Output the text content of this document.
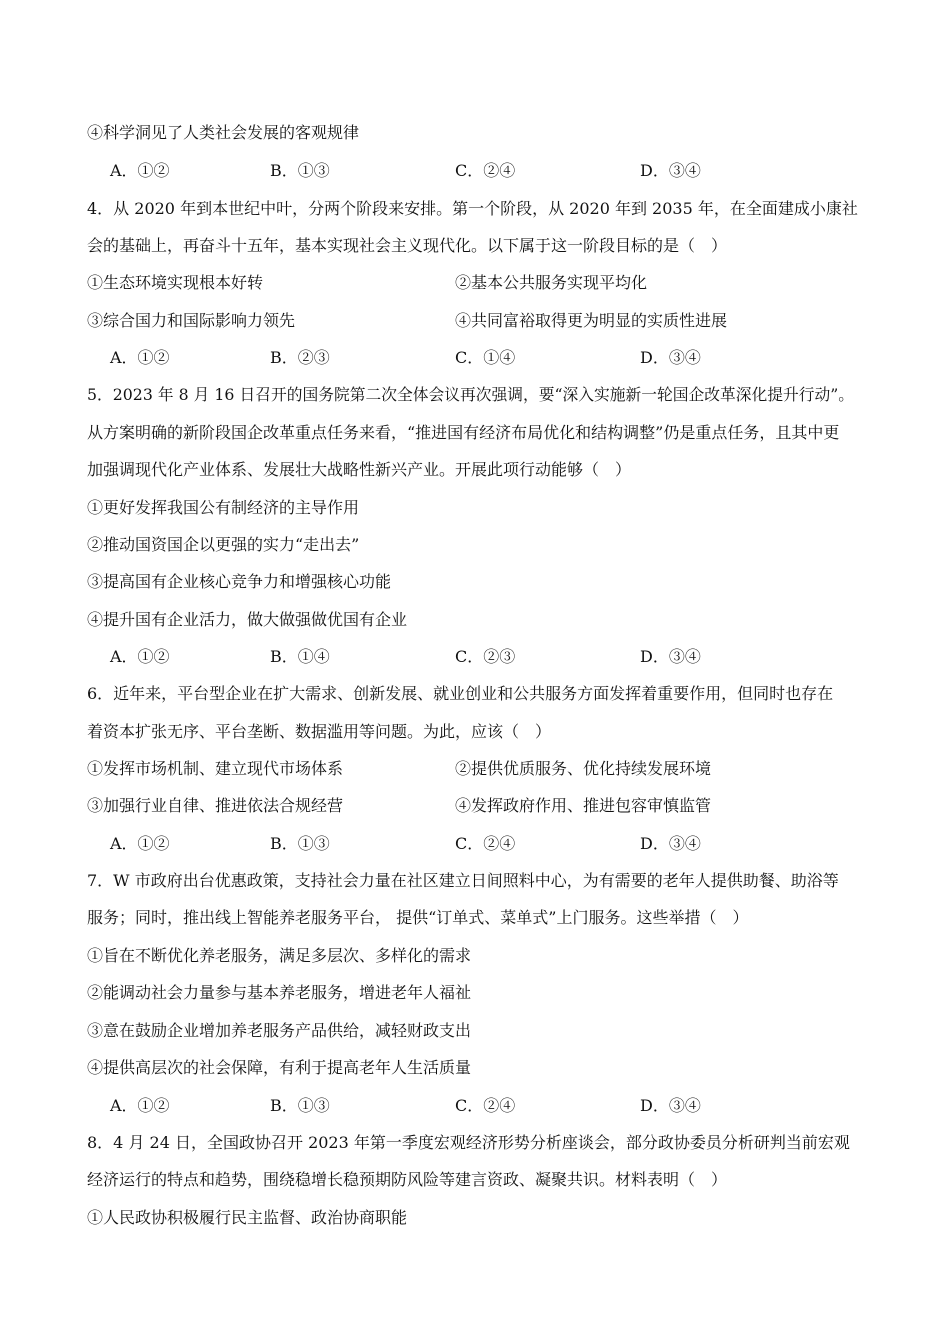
④科学洞见了人类社会发展的客观规律
A．①②	B．①③	C．②④	D．③④
4．从 2020 年到本世纪中叶，分两个阶段来安排。第一个阶段，从 2020 年到 2035 年，在全面建成小康社
会的基础上，再奋斗十五年，基本实现社会主义现代化。以下属于这一阶段目标的是（　）
①生态环境实现根本好转	②基本公共服务实现平均化
③综合国力和国际影响力领先	④共同富裕取得更为明显的实质性进展
A．①②	B．②③	C．①④	D．③④
5．2023 年 8 月 16 日召开的国务院第二次全体会议再次强调，要“深入实施新一轮国企改革深化提升行动”。
从方案明确的新阶段国企改革重点任务来看，“推进国有经济布局优化和结构调整”仍是重点任务，且其中更
加强调现代化产业体系、发展壮大战略性新兴产业。开展此项行动能够（　）
①更好发挥我国公有制经济的主导作用
②推动国资国企以更强的实力“走出去”
③提高国有企业核心竞争力和增强核心功能
④提升国有企业活力，做大做强做优国有企业
A．①②	B．①④	C．②③	D．③④
6．近年来，平台型企业在扩大需求、创新发展、就业创业和公共服务方面发挥着重要作用，但同时也存在
着资本扩张无序、平台垄断、数据滥用等问题。为此，应该（　）
①发挥市场机制、建立现代市场体系	②提供优质服务、优化持续发展环境
③加强行业自律、推进依法合规经营	④发挥政府作用、推进包容审慎监管
A．①②	B．①③	C．②④	D．③④
7．W 市政府出台优惠政策，支持社会力量在社区建立日间照料中心，为有需要的老年人提供助餐、助浴等
服务；同时，推出线上智能养老服务平台， 提供“订单式、菜单式”上门服务。这些举措（　）
①旨在不断优化养老服务，满足多层次、多样化的需求
②能调动社会力量参与基本养老服务，增进老年人福祉
③意在鼓励企业增加养老服务产品供给，减轻财政支出
④提供高层次的社会保障，有利于提高老年人生活质量
A．①②	B．①③	C．②④	D．③④
8．4 月 24 日，全国政协召开 2023 年第一季度宏观经济形势分析座谈会，部分政协委员分析研判当前宏观
经济运行的特点和趋势，围绕稳增长稳预期防风险等建言资政、凝聚共识。材料表明（　）
①人民政协积极履行民主监督、政治协商职能
